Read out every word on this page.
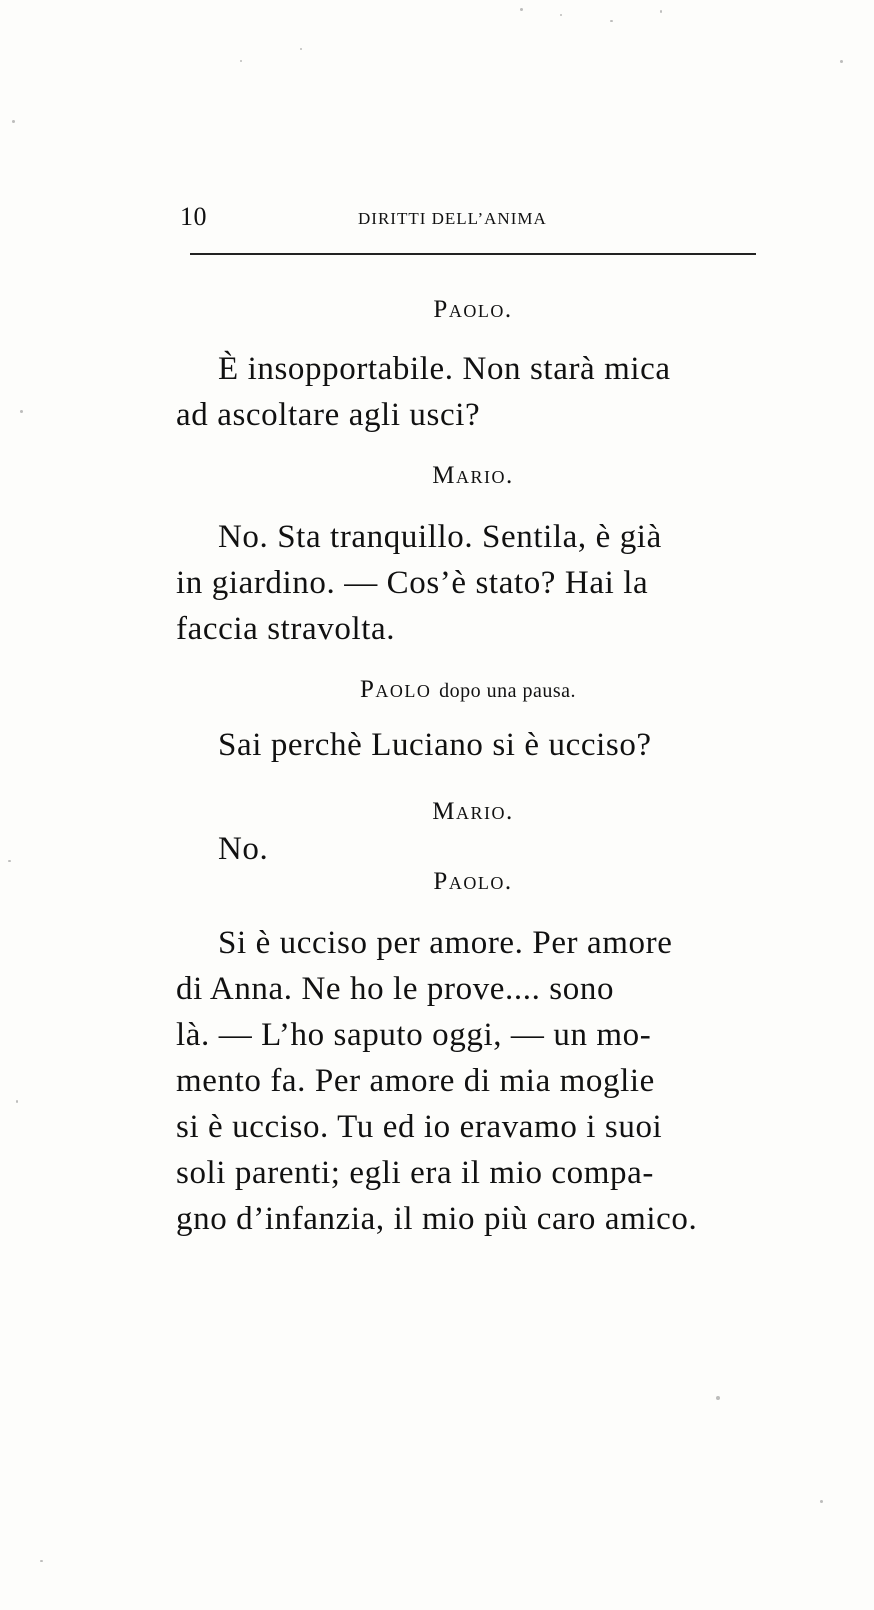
10	DIRITTI DELL’ANIMA
Paolo.
È insopportabile. Non starà mica
ad ascoltare agli usci?
Mario.
No. Sta tranquillo. Sentila, è già
in giardino. — Cos’è stato? Hai la
faccia stravolta.
Paolo dopo una pausa.
Sai perchè Luciano si è ucciso?
Mario.
No.
Paolo.
Si è ucciso per amore. Per amore
di Anna. Ne ho le prove.... sono
là. — L’ho saputo oggi, — un mo-
mento fa. Per amore di mia moglie
si è ucciso. Tu ed io eravamo i suoi
soli parenti; egli era il mio compa-
gno d’infanzia, il mio più caro amico.
